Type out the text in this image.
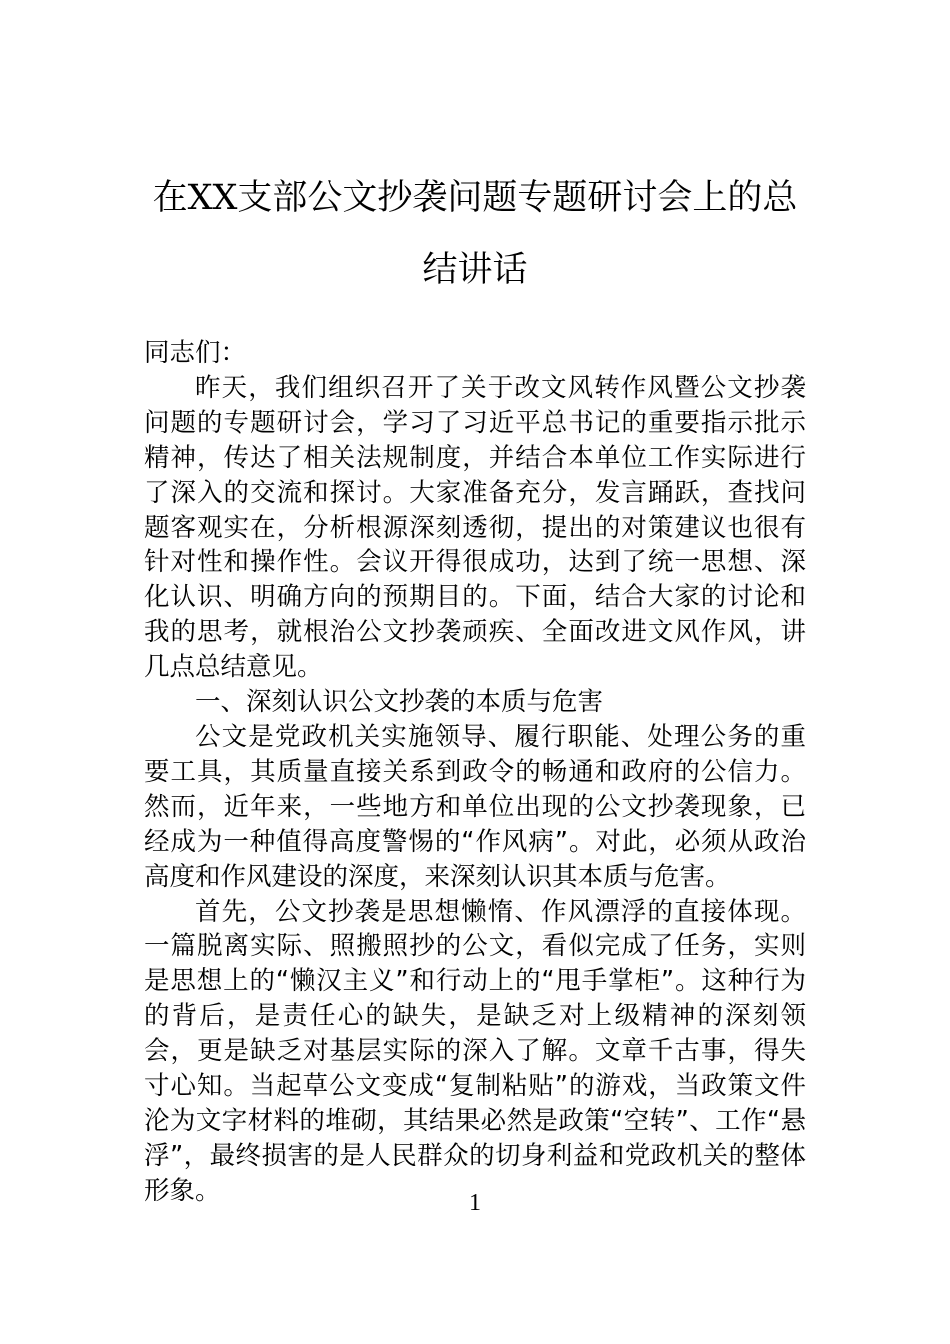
在XX支部公文抄袭问题专题研讨会上的总
结讲话

同志们：

昨天，我们组织召开了关于改文风转作风暨公文抄袭问题的专题研讨会，学习了习近平总书记的重要指示批示精神，传达了相关法规制度，并结合本单位工作实际进行了深入的交流和探讨。大家准备充分，发言踊跃，查找问题客观实在，分析根源深刻透彻，提出的对策建议也很有针对性和操作性。会议开得很成功，达到了统一思想、深化认识、明确方向的预期目的。下面，结合大家的讨论和我的思考，就根治公文抄袭顽疾、全面改进文风作风，讲几点总结意见。

一、深刻认识公文抄袭的本质与危害

公文是党政机关实施领导、履行职能、处理公务的重要工具，其质量直接关系到政令的畅通和政府的公信力。然而，近年来，一些地方和单位出现的公文抄袭现象，已经成为一种值得高度警惕的“作风病”。对此，必须从政治高度和作风建设的深度，来深刻认识其本质与危害。

首先，公文抄袭是思想懒惰、作风漂浮的直接体现。一篇脱离实际、照搬照抄的公文，看似完成了任务，实则是思想上的“懒汉主义”和行动上的“甩手掌柜”。这种行为的背后，是责任心的缺失，是缺乏对上级精神的深刻领会，更是缺乏对基层实际的深入了解。文章千古事，得失寸心知。当起草公文变成“复制粘贴”的游戏，当政策文件沦为文字材料的堆砌，其结果必然是政策“空转”、工作“悬浮”，最终损害的是人民群众的切身利益和党政机关的整体形象。	1
